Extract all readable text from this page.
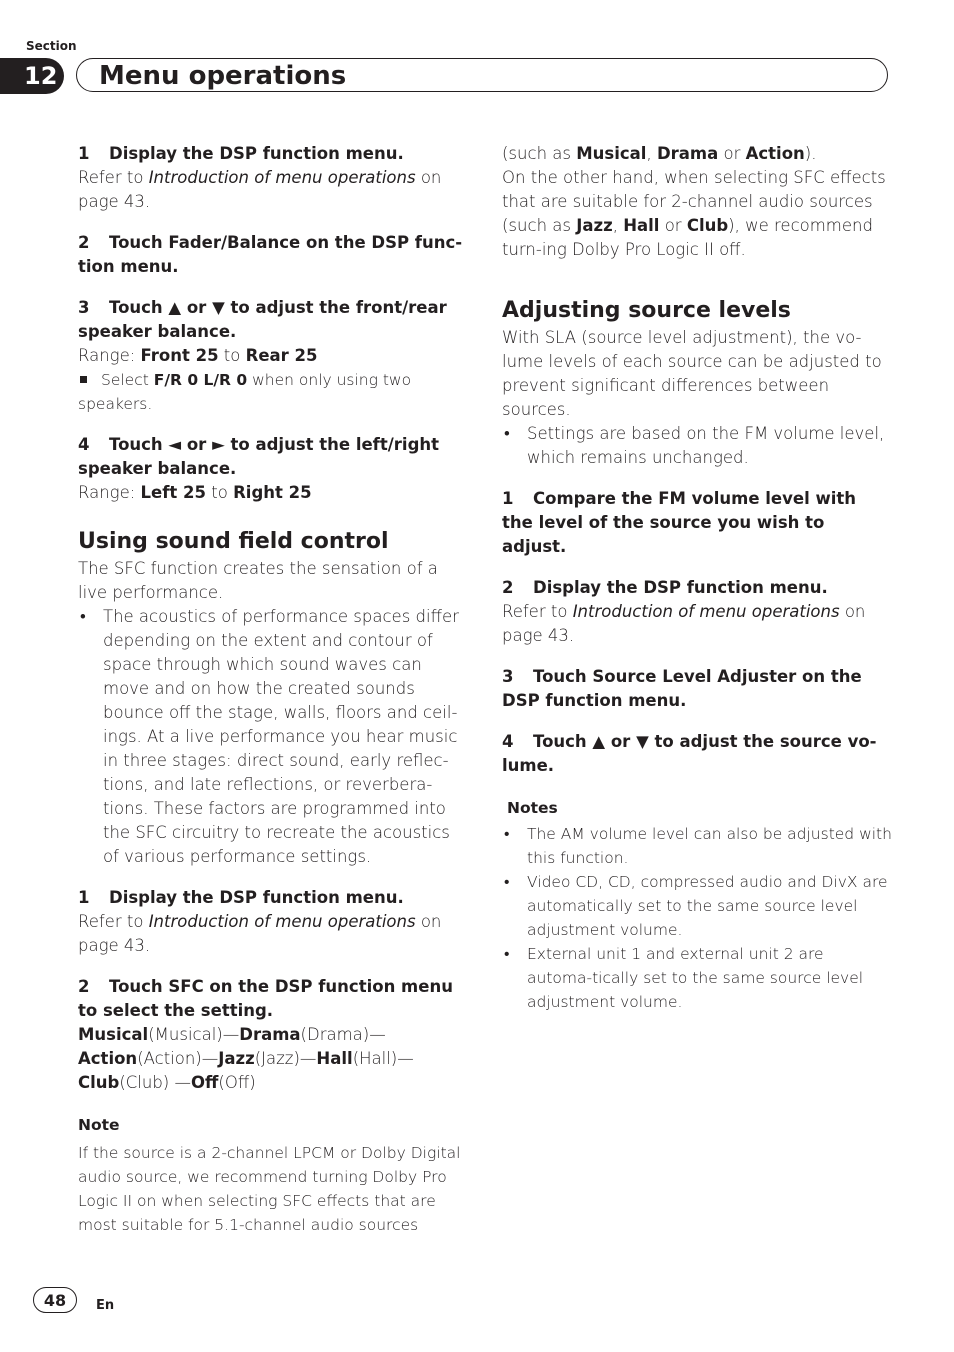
Section
12 Menu operations

1 Display the DSP function menu.

Refer to Introduction of menu operations on page 43.

2 Touch Fader/Balance on the DSP func-tion menu.

3 Touch ▲ or ▼ to adjust the front/rear speaker balance.

Range: Front 25 to Rear 25

Select F/R 0 L/R 0 when only using two speakers.

4 Touch ◄ or ► to adjust the left/right speaker balance.

Range: Left 25 to Right 25

Using sound field control

The SFC function creates the sensation of a live performance.

• The acoustics of performance spaces differ depending on the extent and contour of space through which sound waves can move and on how the created sounds bounce off the stage, walls, floors and ceil-ings. At a live performance you hear music in three stages: direct sound, early reflec-tions, and late reflections, or reverbera-tions. These factors are programmed into the SFC circuitry to recreate the acoustics of various performance settings.

1 Display the DSP function menu.

Refer to Introduction of menu operations on page 43.

2 Touch SFC on the DSP function menu to select the setting.

Musical(Musical)—Drama(Drama)—Action(Action)—Jazz(Jazz)—Hall(Hall)—Club(Club) —Off(Off)

Note

If the source is a 2-channel LPCM or Dolby Digital audio source, we recommend turning Dolby Pro Logic II on when selecting SFC effects that are most suitable for 5.1-channel audio sources

(such as Musical, Drama or Action).

On the other hand, when selecting SFC effects that are suitable for 2-channel audio sources (such as Jazz, Hall or Club), we recommend turn-ing Dolby Pro Logic II off.

Adjusting source levels

With SLA (source level adjustment), the vo-lume levels of each source can be adjusted to prevent significant differences between sources.

• Settings are based on the FM volume level, which remains unchanged.

1 Compare the FM volume level with the level of the source you wish to adjust.

2 Display the DSP function menu.

Refer to Introduction of menu operations on page 43.

3 Touch Source Level Adjuster on the DSP function menu.

4 Touch ▲ or ▼ to adjust the source vo-lume.

Notes

• The AM volume level can also be adjusted with this function.
• Video CD, CD, compressed audio and DivX are automatically set to the same source level adjustment volume.
• External unit 1 and external unit 2 are automa-tically set to the same source level adjustment volume.
48	En
